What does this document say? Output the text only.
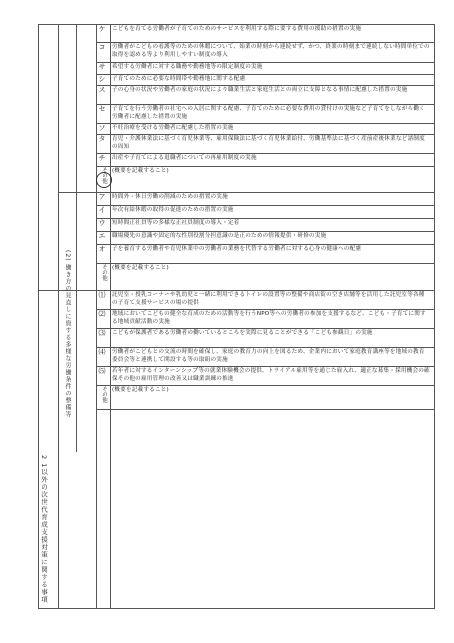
ケ	こどもを育てる労働者が子育てのためのサービスを利用する際に要する費用の援助の措置の実施
コ	労働者がこどもの看護等のための休暇について、始業の時刻から連続せず、かつ、終業の時刻まで連続しない時間単位での取得を認める等より利用しやすい制度の導入
サ	希望する労働者に対する職務や勤務地等の限定制度の実施
シ	子育てのために必要な時間帯や勤務地に関する配慮
ス	子の心身の状況や労働者の家庭の状況により職業生活と家庭生活との両立に支障となる事情に配慮した措置の実施
セ	子育てを行う労働者の社宅への入居に関する配慮、子育てのために必要な費用の貸付けの実施など子育てをしながら働く労働者に配慮した措置の実施
ソ	不妊治療を受ける労働者に配慮した措置の実施
タ	育児・介護休業法に基づく育児休業等、雇用保険法に基づく育児休業給付、労働基準法に基づく産前産後休業など諸制度の周知
チ	出産や子育てによる退職者についての再雇用制度の実施
その他 (概要を記載すること)
ア	時間外・休日労働の削減のための措置の実施
イ	年次有給休暇の取得の促進のための措置の実施
ウ	短時間正社員等の多様な正社員制度の導入・定着
エ	職場優先の意識や固定的な性別役割分担意識の是正のための情報提供・研修の実施
オ	子を養育する労働者や育児休業中の労働者の業務を代替する労働者に対する心身の健康への配慮
その他 (概要を記載すること)
⑴	託児室・授乳コーナーや乳幼児と一緒に利用できるトイレの設置等の整備や商店街の空き店舗等を活用した託児室等各種の子育て支援サービスの場の提供
⑵	地域においてこどもの健全な育成のための活動等を行うNPO等への労働者の参加を支援するなど、こども・子育てに関する地域貢献活動の実施
⑶	こどもが保護者である労働者の働いているところを実際に見ることができる「こども参観日」の実施
⑷	労働者がこどもとの交流の時間を確保し、家庭の教育力の向上を図るため、企業内において家庭教育講座等を地域の教育委員会等と連携して開設する等の取組の実施
⑸	若年者に対するインターンシップ等の就業体験機会の提供、トライアル雇用等を通じた雇入れ、適正な募集・採用機会の確保その他の雇用管理の改善又は職業訓練の推進
その他 (概要を記載すること)
(2) 働き方の見直しに資する多様な労働条件の整備等
2 1以外の次世代育成支援対策に関する事項
